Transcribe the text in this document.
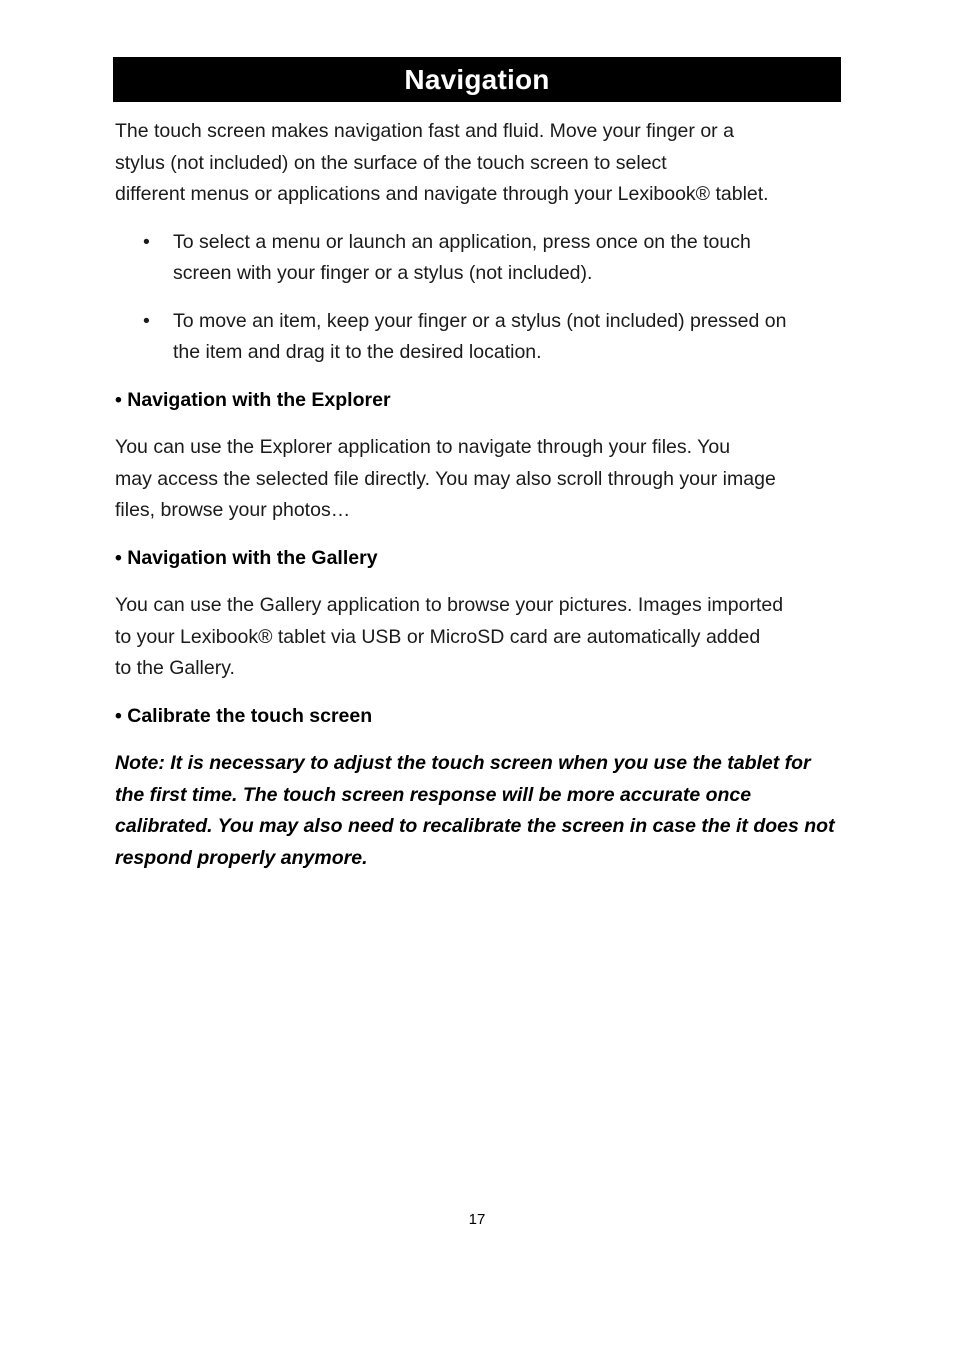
Navigation

The touch screen makes navigation fast and fluid. Move your finger or a
stylus (not included) on the surface of the touch screen to select
different menus or applications and navigate through your Lexibook® tablet.

• To select a menu or launch an application, press once on the touch
screen with your finger or a stylus (not included).
• To move an item, keep your finger or a stylus (not included) pressed on
the item and drag it to the desired location.

• Navigation with the Explorer

You can use the Explorer application to navigate through your files. You
may access the selected file directly. You may also scroll through your image
files, browse your photos…

• Navigation with the Gallery

You can use the Gallery application to browse your pictures. Images imported
to your Lexibook® tablet via USB or MicroSD card are automatically added
to the Gallery.

• Calibrate the touch screen

Note: It is necessary to adjust the touch screen when you use the tablet for
the first time. The touch screen response will be more accurate once
calibrated. You may also need to recalibrate the screen in case the it does not
respond properly anymore.

17
